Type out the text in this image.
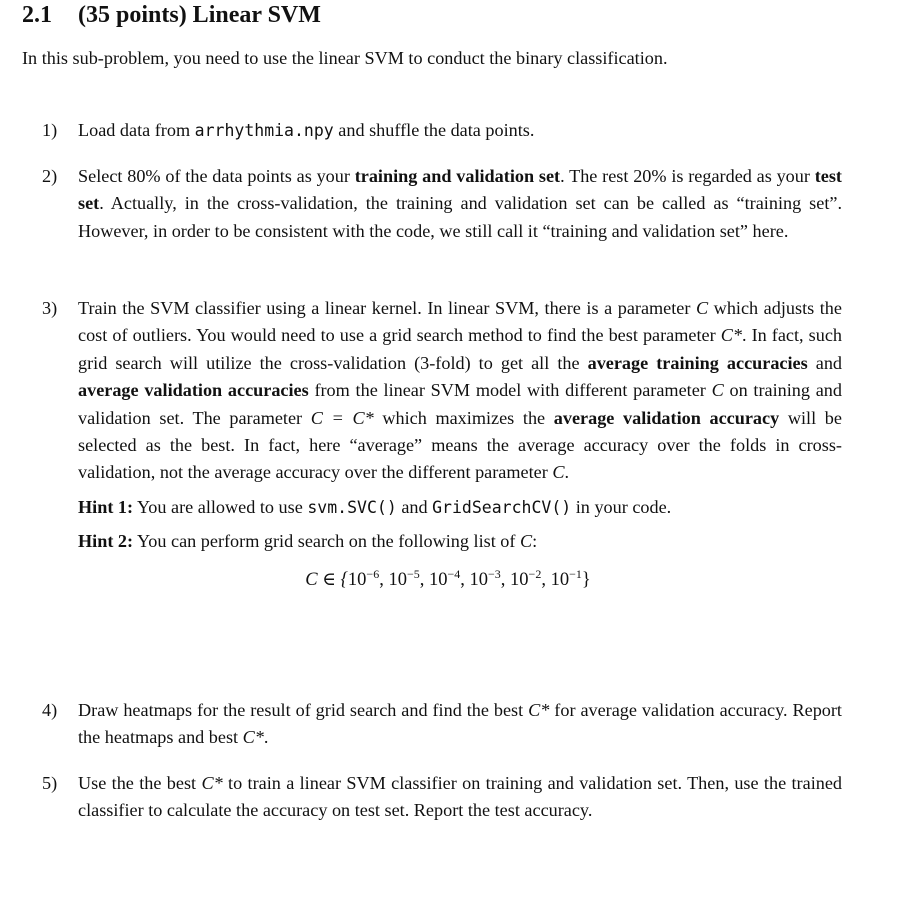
2.1 (35 points) Linear SVM
In this sub-problem, you need to use the linear SVM to conduct the binary classification.
1) Load data from arrhythmia.npy and shuffle the data points.
2) Select 80% of the data points as your training and validation set. The rest 20% is regarded as your test set. Actually, in the cross-validation, the training and validation set can be called as “training set”. However, in order to be consistent with the code, we still call it “training and validation set” here.
3) Train the SVM classifier using a linear kernel. In linear SVM, there is a parameter C which adjusts the cost of outliers. You would need to use a grid search method to find the best parameter C*. In fact, such grid search will utilize the cross-validation (3-fold) to get all the average training accuracies and average validation accuracies from the linear SVM model with different parameter C on training and validation set. The parameter C = C* which maximizes the average validation accuracy will be selected as the best. In fact, here “average” means the average accuracy over the folds in cross-validation, not the average accuracy over the different parameter C.
Hint 1: You are allowed to use svm.SVC() and GridSearchCV() in your code.
Hint 2: You can perform grid search on the following list of C:
C ∈ {$10^{-6}$, $10^{-5}$, $10^{-4}$, $10^{-3}$, $10^{-2}$, $10^{-1}$}
4) Draw heatmaps for the result of grid search and find the best C* for average validation accuracy. Report the heatmaps and best C*.
5) Use the the best C* to train a linear SVM classifier on training and validation set. Then, use the trained classifier to calculate the accuracy on test set. Report the test accuracy.
